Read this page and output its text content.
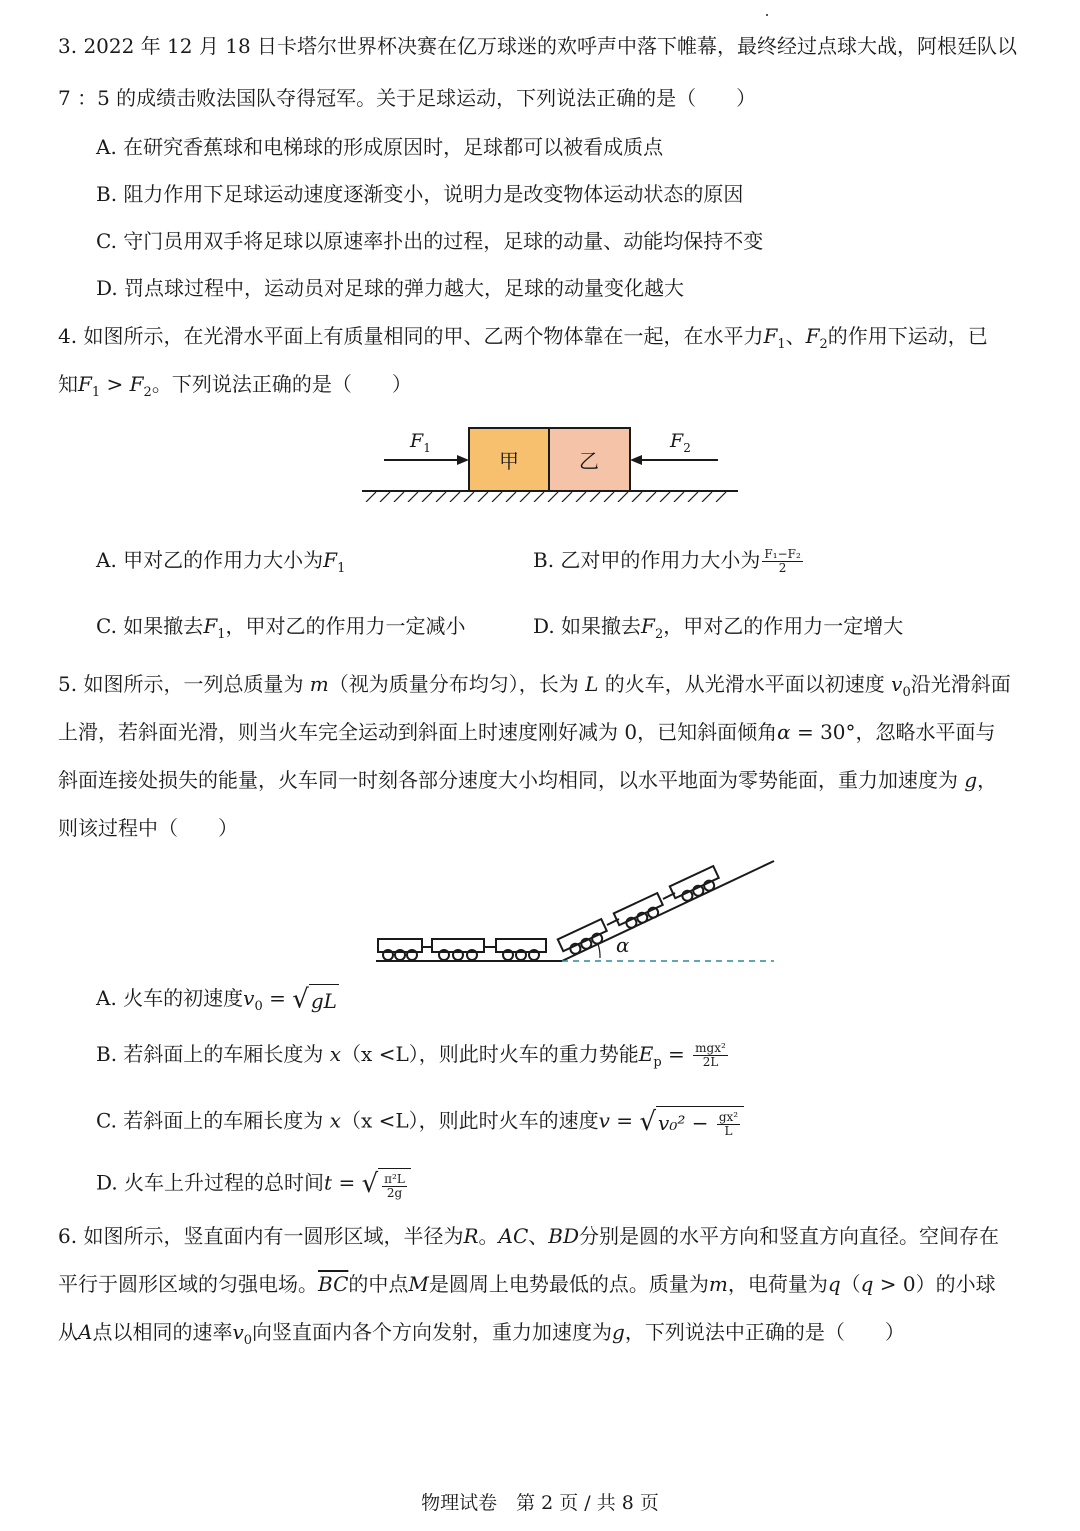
3. 2022 年 12 月 18 日卡塔尔世界杯决赛在亿万球迷的欢呼声中落下帷幕，最终经过点球大战，阿根廷队以
7 ：5 的成绩击败法国队夺得冠军。关于足球运动，下列说法正确的是（　　）
A. 在研究香蕉球和电梯球的形成原因时，足球都可以被看成质点
B. 阻力作用下足球运动速度逐渐变小，说明力是改变物体运动状态的原因
C. 守门员用双手将足球以原速率扑出的过程，足球的动量、动能均保持不变
D. 罚点球过程中，运动员对足球的弹力越大，足球的动量变化越大
4. 如图所示，在光滑水平面上有质量相同的甲、乙两个物体靠在一起，在水平力$F_1$、$F_2$的作用下运动，已
知$F_1 > F_2$。下列说法正确的是（　　）
甲	乙
$F_1$	$F_2$
A. 甲对乙的作用力大小为$F_1$	B. 乙对甲的作用力大小为 $\frac{\text{F₁−F₂}}{2}$
C. 如果撤去$F_1$，甲对乙的作用力一定减小	D. 如果撤去$F_2$，甲对乙的作用力一定增大
5. 如图所示，一列总质量为 m（视为质量分布均匀），长为 L 的火车，从光滑水平面以初速度 $v_0$沿光滑斜面
上滑，若斜面光滑，则当火车完全运动到斜面上时速度刚好减为 0，已知斜面倾角α = 30°，忽略水平面与
斜面连接处损失的能量，火车同一时刻各部分速度大小均相同，以水平地面为零势能面，重力加速度为 g，
则该过程中（　　）
α
A. 火车的初速度$v_0$ = √ gL
B. 若斜面上的车厢长度为 x（x <L），则此时火车的重力势能$E_p = \frac{\text{mgx²}}{2L}$
C. 若斜面上的车厢长度为 x（x <L），则此时火车的速度v = √ $v_0^2 - \frac{\text{gx²}}{L}$
D. 火车上升过程的总时间t = √ $\frac{\text{π²L}}{2g}$
6. 如图所示，竖直面内有一圆形区域，半径为R。AC、BD分别是圆的水平方向和竖直方向直径。空间存在
平行于圆形区域的匀强电场。$\overline{BC}$的中点M是圆周上电势最低的点。质量为m，电荷量为q（q > 0）的小球
从A点以相同的速率$v_0$向竖直面内各个方向发射，重力加速度为g，下列说法中正确的是（　　）
物理试卷　第 2 页 / 共 8 页
